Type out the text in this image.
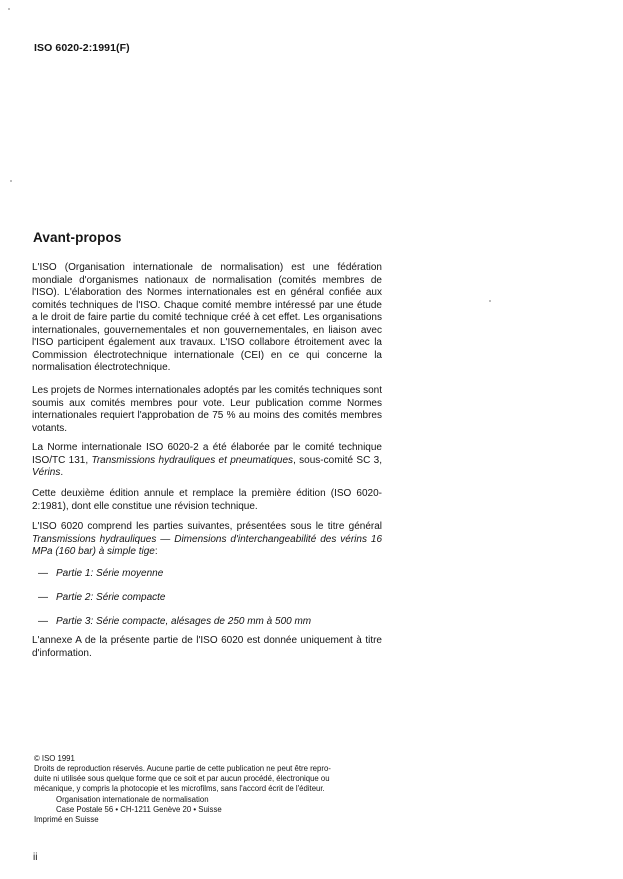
ISO 6020-2:1991(F)
Avant-propos
L'ISO (Organisation internationale de normalisation) est une fédération mondiale d'organismes nationaux de normalisation (comités membres de l'ISO). L'élaboration des Normes internationales est en général confiée aux comités techniques de l'ISO. Chaque comité membre intéressé par une étude a le droit de faire partie du comité technique créé à cet effet. Les organisations internationales, gouvernementales et non gouvernementales, en liaison avec l'ISO participent également aux travaux. L'ISO collabore étroitement avec la Commission électrotechnique internationale (CEI) en ce qui concerne la normalisation électrotechnique.
Les projets de Normes internationales adoptés par les comités techniques sont soumis aux comités membres pour vote. Leur publication comme Normes internationales requiert l'approbation de 75 % au moins des comités membres votants.
La Norme internationale ISO 6020-2 a été élaborée par le comité technique ISO/TC 131, Transmissions hydrauliques et pneumatiques, sous-comité SC 3, Vérins.
Cette deuxième édition annule et remplace la première édition (ISO 6020-2:1981), dont elle constitue une révision technique.
L'ISO 6020 comprend les parties suivantes, présentées sous le titre général Transmissions hydrauliques — Dimensions d'interchangeabilité des vérins 16 MPa (160 bar) à simple tige:
— Partie 1: Série moyenne
— Partie 2: Série compacte
— Partie 3: Série compacte, alésages de 250 mm à 500 mm
L'annexe A de la présente partie de l'ISO 6020 est donnée uniquement à titre d'information.
© ISO 1991
Droits de reproduction réservés. Aucune partie de cette publication ne peut être repro-
duite ni utilisée sous quelque forme que ce soit et par aucun procédé, électronique ou
mécanique, y compris la photocopie et les microfilms, sans l'accord écrit de l'éditeur.
Organisation internationale de normalisation
Case Postale 56 • CH-1211 Genève 20 • Suisse
Imprimé en Suisse
ii
